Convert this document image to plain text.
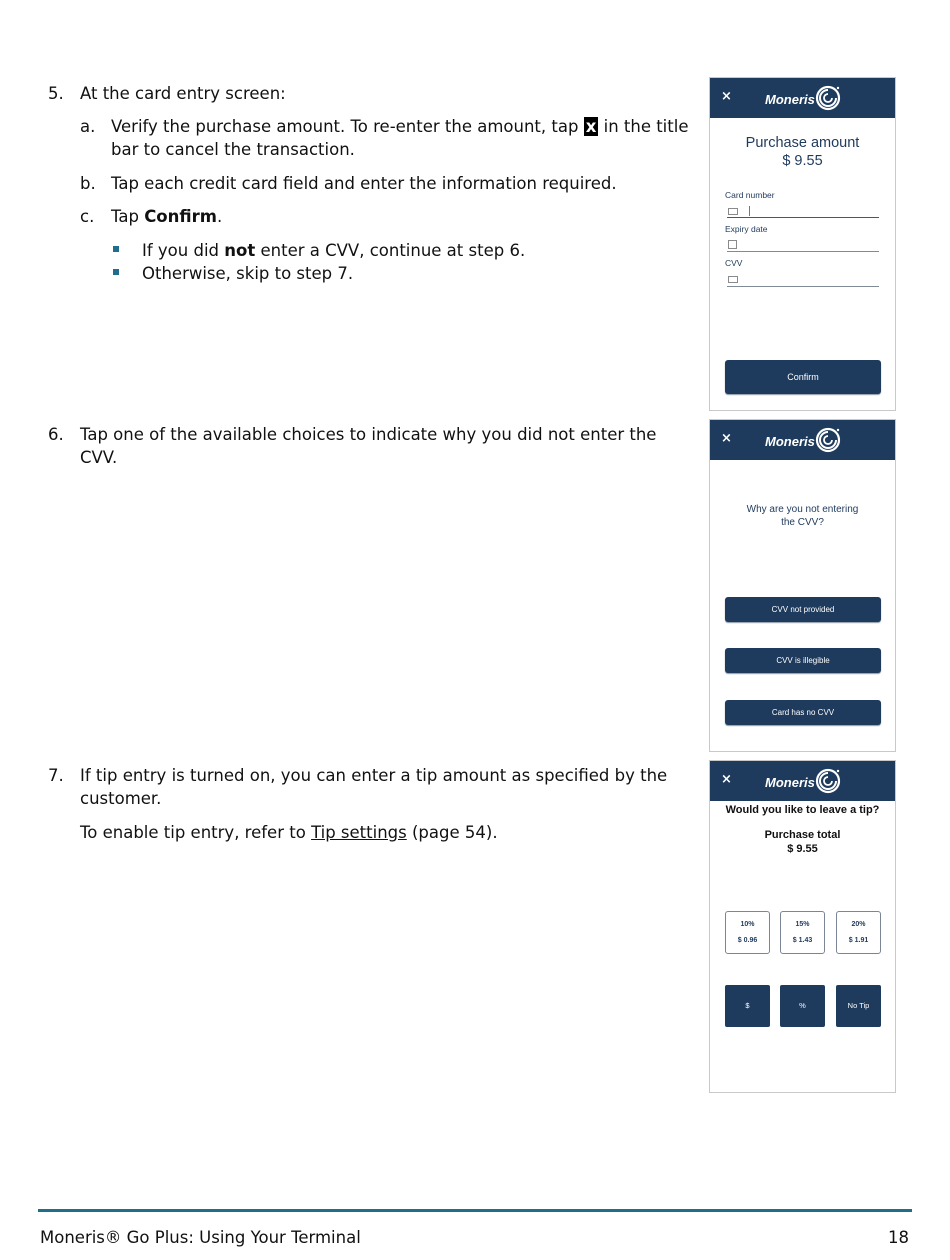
5. At the card entry screen:
a. Verify the purchase amount. To re-enter the amount, tap x in the title
bar to cancel the transaction.
b. Tap each credit card field and enter the information required.
c. Tap Confirm.
If you did not enter a CVV, continue at step 6.
Otherwise, skip to step 7.
6. Tap one of the available choices to indicate why you did not enter the
CVV.
7. If tip entry is turned on, you can enter a tip amount as specified by the
customer.
To enable tip entry, refer to Tip settings (page 54).
×	Moneris
Purchase amount
$ 9.55
Card number
Expiry date
CVV
Confirm
×	Moneris
Why are you not entering
the CVV?
CVV not provided
CVV is illegible
Card has no CVV
×	Moneris
Would you like to leave a tip?
Purchase total
$ 9.55
10%
$ 0.96
15%
$ 1.43
20%
$ 1.91
$	%	No Tip
Moneris® Go Plus: Using Your Terminal	18
